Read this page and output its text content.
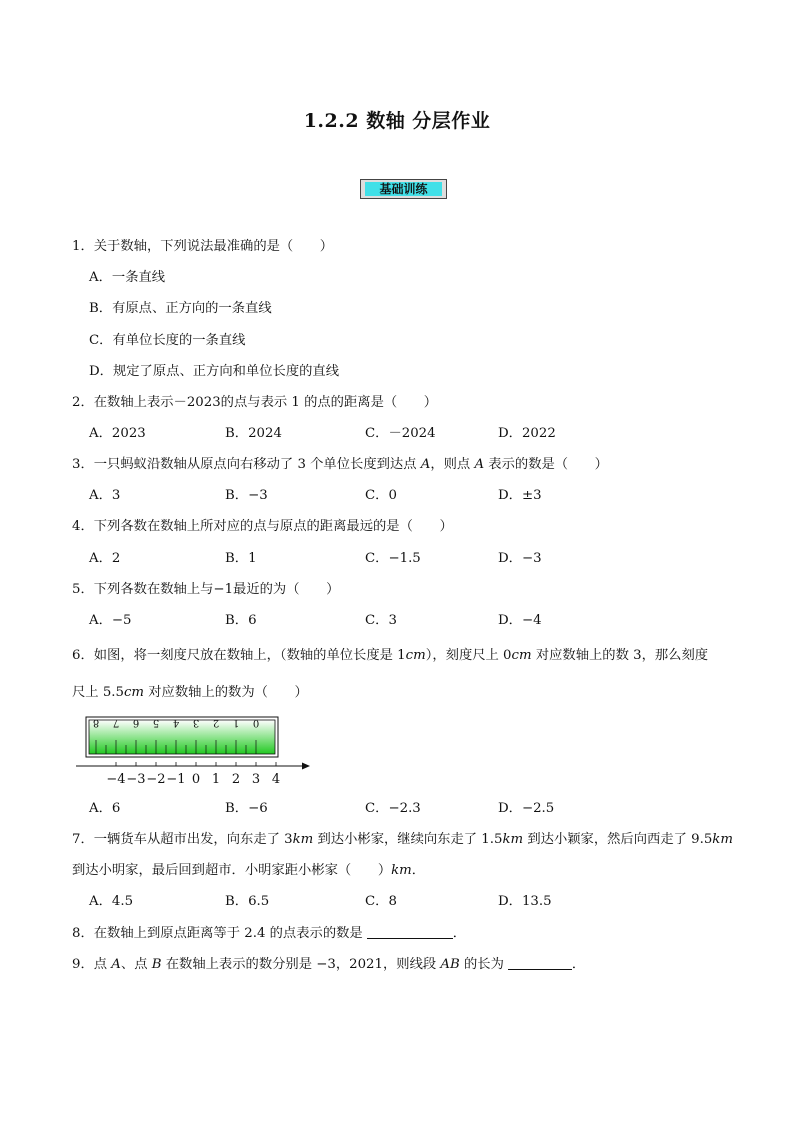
1.2.2 数轴 分层作业
基础训练
1．关于数轴，下列说法最准确的是（　　）
A．一条直线
B．有原点、正方向的一条直线
C．有单位长度的一条直线
D．规定了原点、正方向和单位长度的直线
2．在数轴上表示－2023的点与表示 1 的点的距离是（　　）
A．2023	B．2024	C．－2024	D．2022
3．一只蚂蚁沿数轴从原点向右移动了 3 个单位长度到达点 A，则点 A 表示的数是（　　）
A．3	B．−3	C．0	D．±3
4．下列各数在数轴上所对应的点与原点的距离最远的是（　　）
A．2	B．1	C．−1.5	D．−3
5．下列各数在数轴上与−1最近的为（　　）
A．−5	B．6	C．3	D．−4
6．如图，将一刻度尺放在数轴上，（数轴的单位长度是 1cm），刻度尺上 0cm 对应数轴上的数 3，那么刻度
尺上 5.5cm 对应数轴上的数为（　　）
8 7 6 5 4 3 2 1 0
−4 −3 −2 −1 0 1 2 3 4
A．6	B．−6	C．−2.3	D．−2.5
7．一辆货车从超市出发，向东走了 3km 到达小彬家，继续向东走了 1.5km 到达小颖家，然后向西走了 9.5km
到达小明家，最后回到超市．小明家距小彬家（　　）km．
A．4.5	B．6.5	C．8	D．13.5
8．在数轴上到原点距离等于 2.4 的点表示的数是	．
9．点 A、点 B 在数轴上表示的数分别是 −3，2021，则线段 AB 的长为	．
